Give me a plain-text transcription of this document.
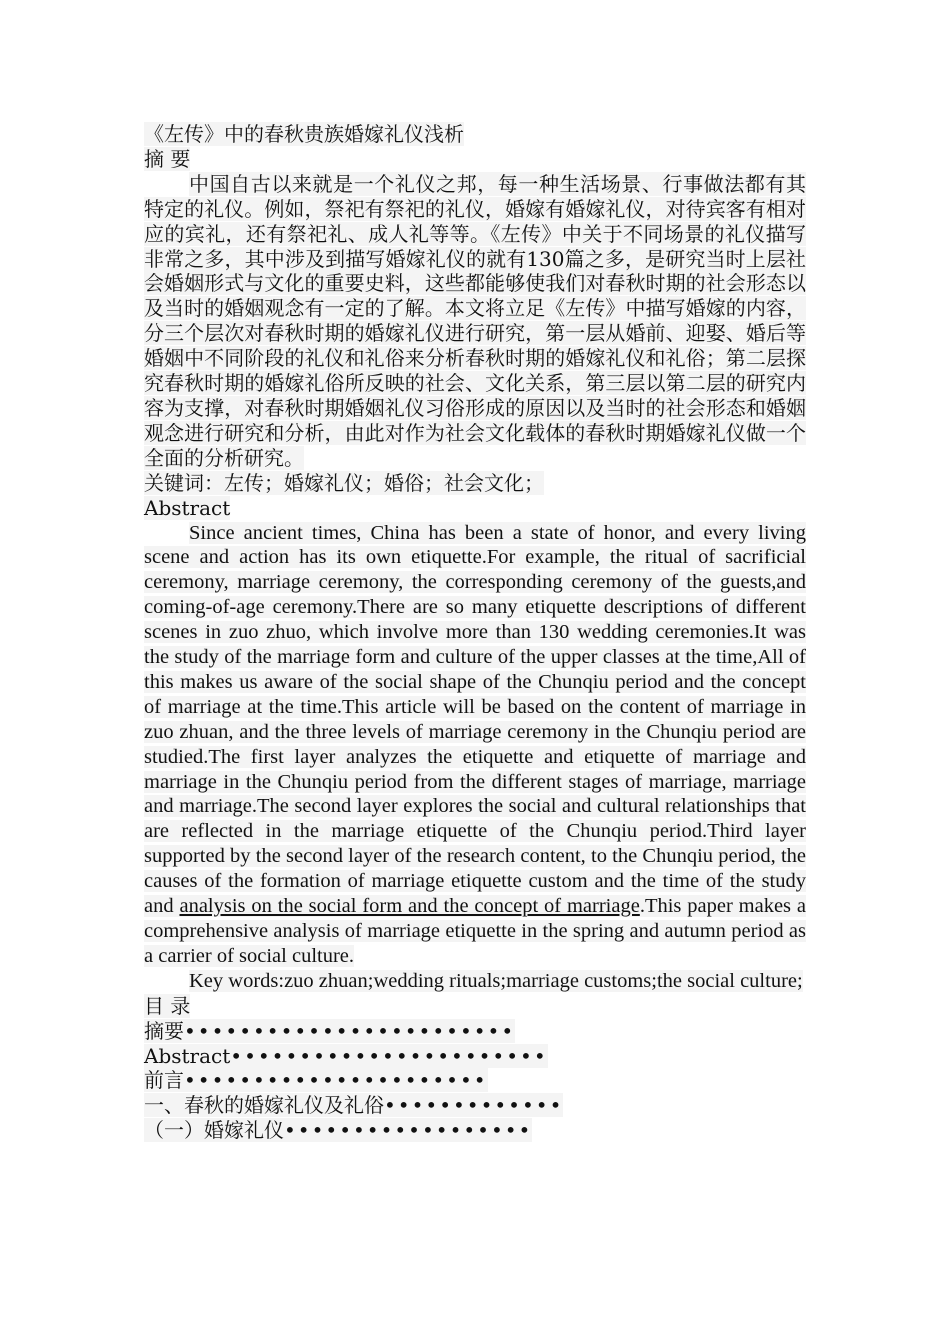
《左传》中的春秋贵族婚嫁礼仪浅析

摘 要

中国自古以来就是一个礼仪之邦，每一种生活场景、行事做法都有其特定的礼仪。例如，祭祀有祭祀的礼仪，婚嫁有婚嫁礼仪，对待宾客有相对应的宾礼，还有祭祀礼、成人礼等等。《左传》中关于不同场景的礼仪描写非常之多，其中涉及到描写婚嫁礼仪的就有130篇之多，是研究当时上层社会婚姻形式与文化的重要史料，这些都能够使我们对春秋时期的社会形态以及当时的婚姻观念有一定的了解。本文将立足《左传》中描写婚嫁的内容，分三个层次对春秋时期的婚嫁礼仪进行研究，第一层从婚前、迎娶、婚后等婚姻中不同阶段的礼仪和礼俗来分析春秋时期的婚嫁礼仪和礼俗；第二层探究春秋时期的婚嫁礼俗所反映的社会、文化关系，第三层以第二层的研究内容为支撑，对春秋时期婚姻礼仪习俗形成的原因以及当时的社会形态和婚姻观念进行研究和分析，由此对作为社会文化载体的春秋时期婚嫁礼仪做一个全面的分析研究。

关键词：左传；婚嫁礼仪；婚俗；社会文化；

Abstract

Since ancient times, China has been a state of honor, and every living scene and action has its own etiquette.For example, the ritual of sacrificial ceremony, marriage ceremony, the corresponding ceremony of the guests,and coming-of-age ceremony.There are so many etiquette descriptions of different scenes in zuo zhuo, which involve more than 130 wedding ceremonies.It was the study of the marriage form and culture of the upper classes at the time,All of this makes us aware of the social shape of the Chunqiu period and the concept of marriage at the time.This article will be based on the content of marriage in zuo zhuan, and the three levels of marriage ceremony in the Chunqiu period are studied.The first layer analyzes the etiquette and etiquette of marriage and marriage in the Chunqiu period from the different stages of marriage, marriage and marriage.The second layer explores the social and cultural relationships that are reflected in the marriage etiquette of the Chunqiu period.Third layer supported by the second layer of the research content, to the Chunqiu period, the causes of the formation of marriage etiquette custom and the time of the study and analysis on the social form and the concept of marriage.This paper makes a comprehensive analysis of marriage etiquette in the spring and autumn period as a carrier of social culture.

Key words:zuo zhuan;wedding rituals;marriage customs;the social culture;

目 录

摘要••••••••••••••••••••••••

Abstract•••••••••••••••••••••••

前言••••••••••••••••••••••

一、春秋的婚嫁礼仪及礼俗•••••••••••••

（一）婚嫁礼仪••••••••••••••••••
